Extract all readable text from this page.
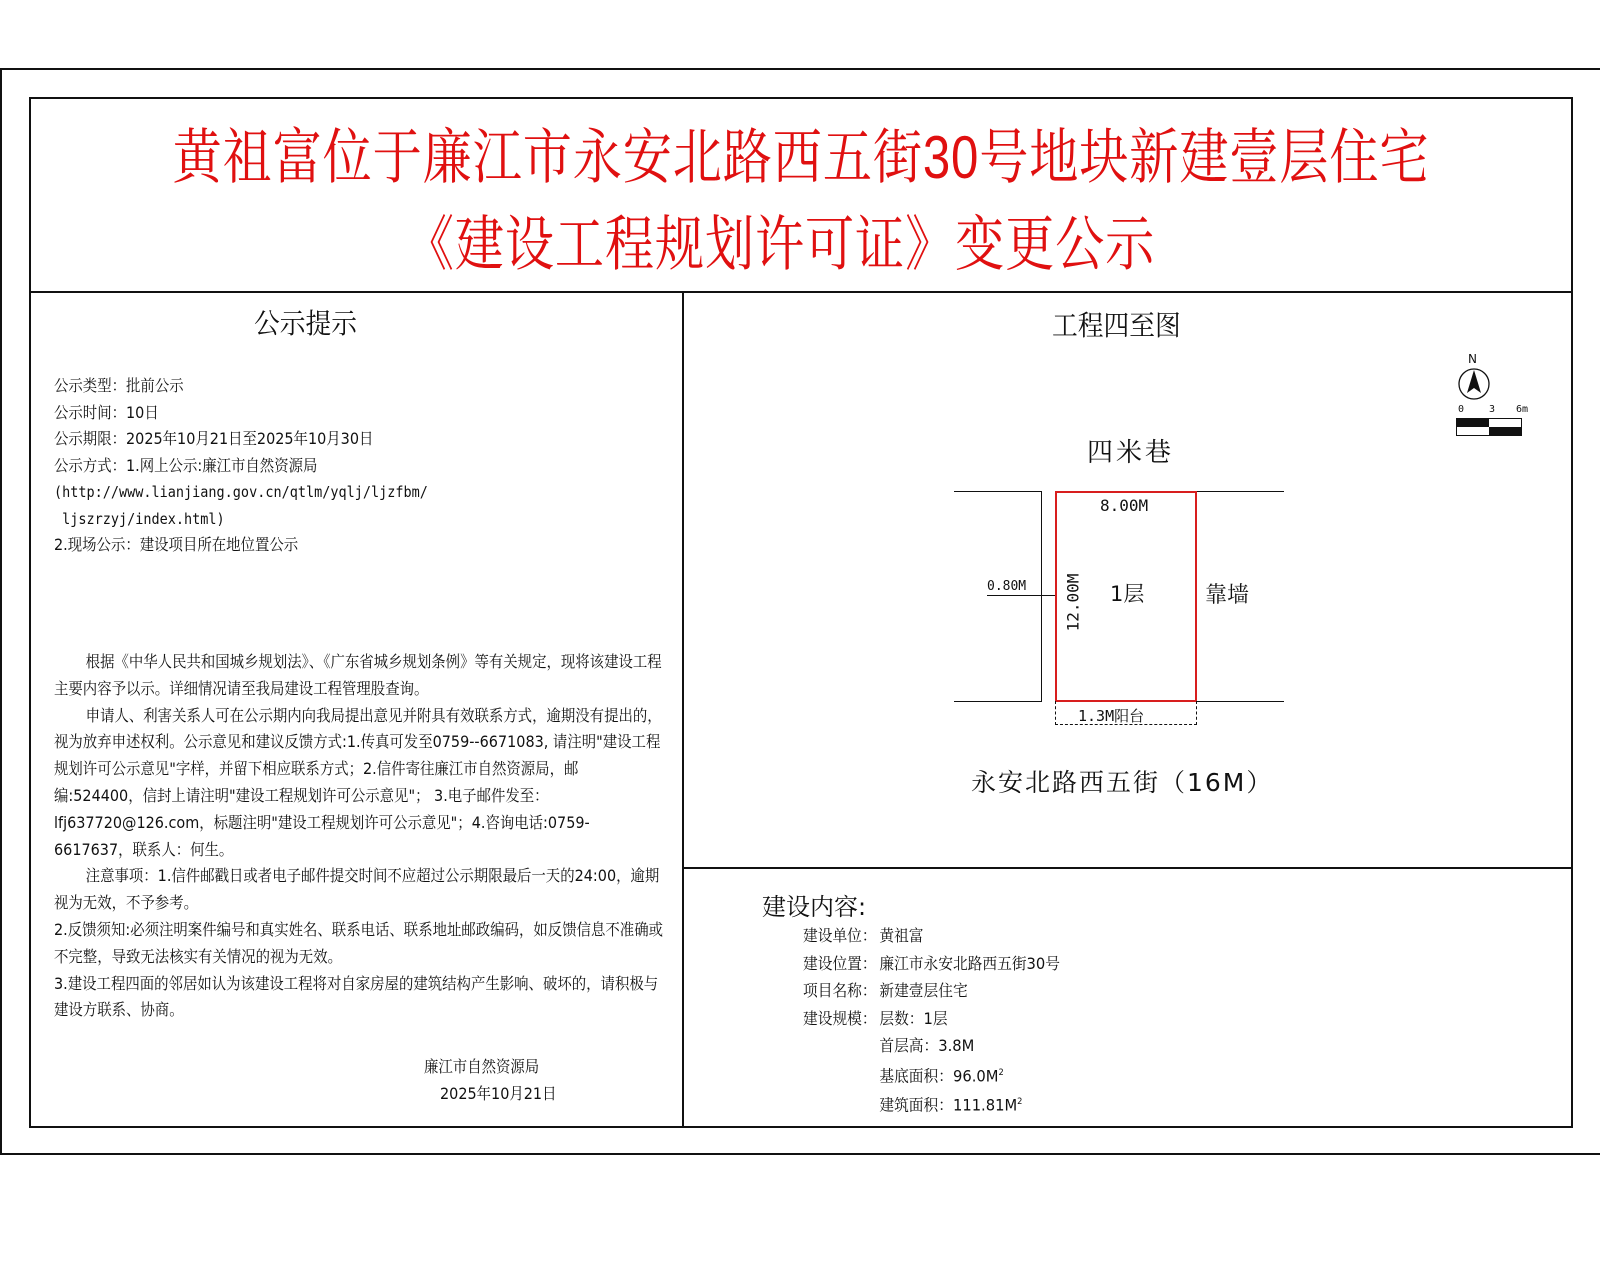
黄祖富位于廉江市永安北路西五街30号地块新建壹层住宅
《建设工程规划许可证》变更公示
公示提示
公示类型：批前公示
公示时间：10日
公示期限：2025年10月21日至2025年10月30日
公示方式：1.网上公示:廉江市自然资源局
(http://www.lianjiang.gov.cn/qtlm/yqlj/ljzfbm/
ljszrzyj/index.html)
2.现场公示：建设项目所在地位置公示

根据《中华人民共和国城乡规划法》、《广东省城乡规划条例》等有关规定，现将该建设工程主要内容予以示。详细情况请至我局建设工程管理股查询。

申请人、利害关系人可在公示期内向我局提出意见并附具有效联系方式，逾期没有提出的，视为放弃申述权利。公示意见和建议反馈方式:1.传真可发至0759--6671083, 请注明"建设工程规划许可公示意见"字样，并留下相应联系方式；2.信件寄往廉江市自然资源局，邮编:524400，信封上请注明"建设工程规划许可公示意见"； 3.电子邮件发至：lfj637720@126.com，标题注明"建设工程规划许可公示意见"；4.咨询电话:0759-6617637，联系人：何生。

注意事项：1.信件邮戳日或者电子邮件提交时间不应超过公示期限最后一天的24:00，逾期视为无效，不予参考。

2.反馈须知:必须注明案件编号和真实姓名、联系电话、联系地址邮政编码，如反馈信息不准确或不完整，导致无法核实有关情况的视为无效。

3.建设工程四面的邻居如认为该建设工程将对自家房屋的建筑结构产生影响、破坏的，请积极与建设方联系、协商。

廉江市自然资源局
2025年10月21日
工程四至图
N
0 3 6m
四米巷
0.80M
8.00M
12.00M 1层	靠墙
1.3M阳台
永安北路西五街（16M）
建设内容:
建设单位： 黄祖富
建设位置： 廉江市永安北路西五街30号
项目名称： 新建壹层住宅
建设规模： 层数：1层
首层高：3.8M
基底面积：$96.0M^2$
建筑面积：$111.81M^2$
